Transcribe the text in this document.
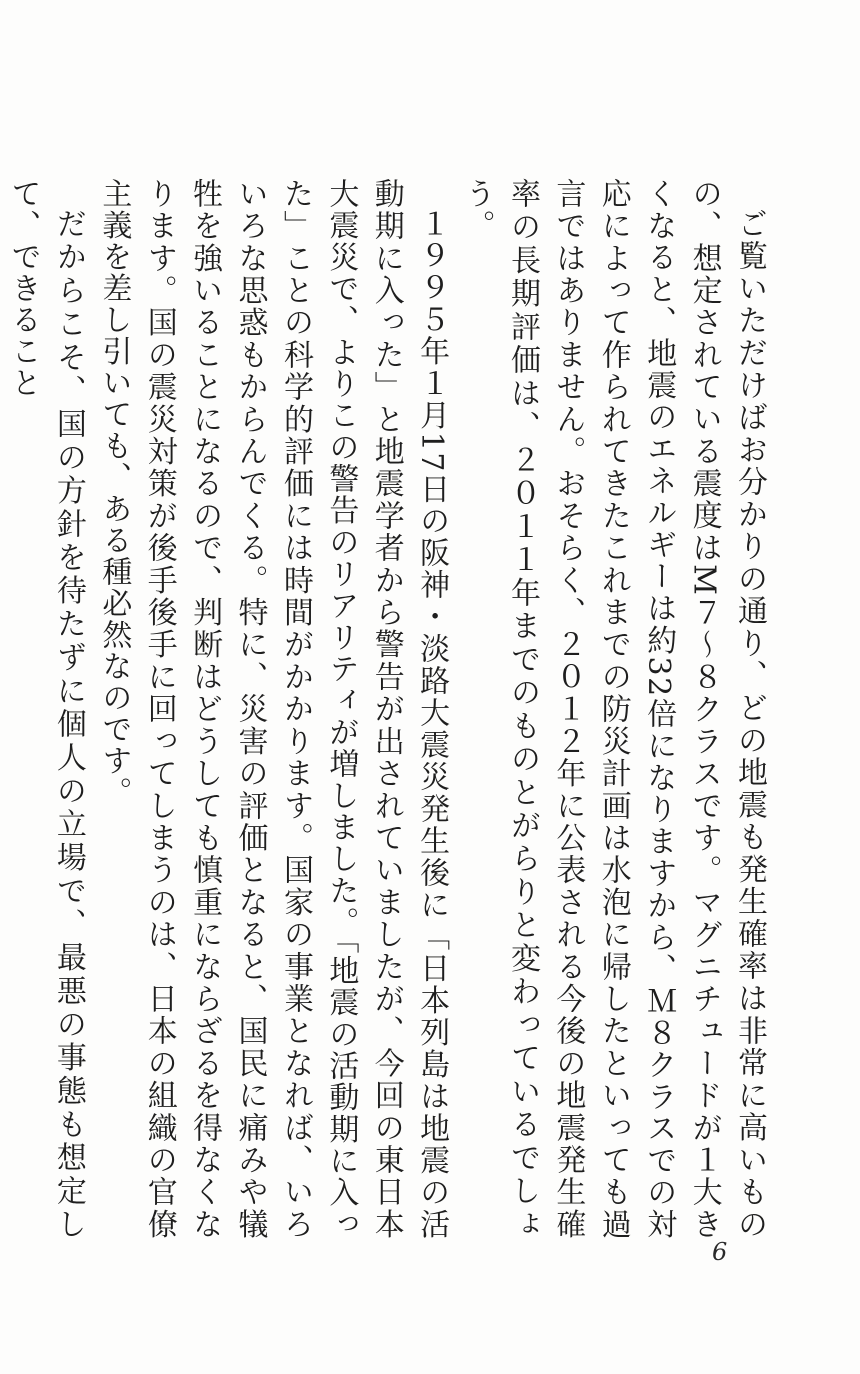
ご覧いただけばお分かりの通り、どの地震も発生確率は非常に高いものの、想定されている震度はM７～８クラスです。マグニチュードが１大きくなると、地震のエネルギーは約32倍になりますから、Ｍ８クラスでの対応によって作られてきたこれまでの防災計画は水泡に帰したといっても過言ではありません。おそらく、２０１２年に公表される今後の地震発生確率の長期評価は、２０１１年までのものとがらりと変わっているでしょう。

１９９５年１月17日の阪神・淡路大震災発生後に「日本列島は地震の活動期に入った」と地震学者から警告が出されていましたが、今回の東日本大震災で、よりこの警告のリアリティが増しました。「地震の活動期に入った」ことの科学的評価には時間がかかります。国家の事業となれば、いろいろな思惑もからんでくる。特に、災害の評価となると、国民に痛みや犠牲を強いることになるので、判断はどうしても慎重にならざるを得なくなります。国の震災対策が後手後手に回ってしまうのは、日本の組織の官僚主義を差し引いても、ある種必然なのです。

だからこそ、国の方針を待たずに個人の立場で、最悪の事態も想定して、できること

6
